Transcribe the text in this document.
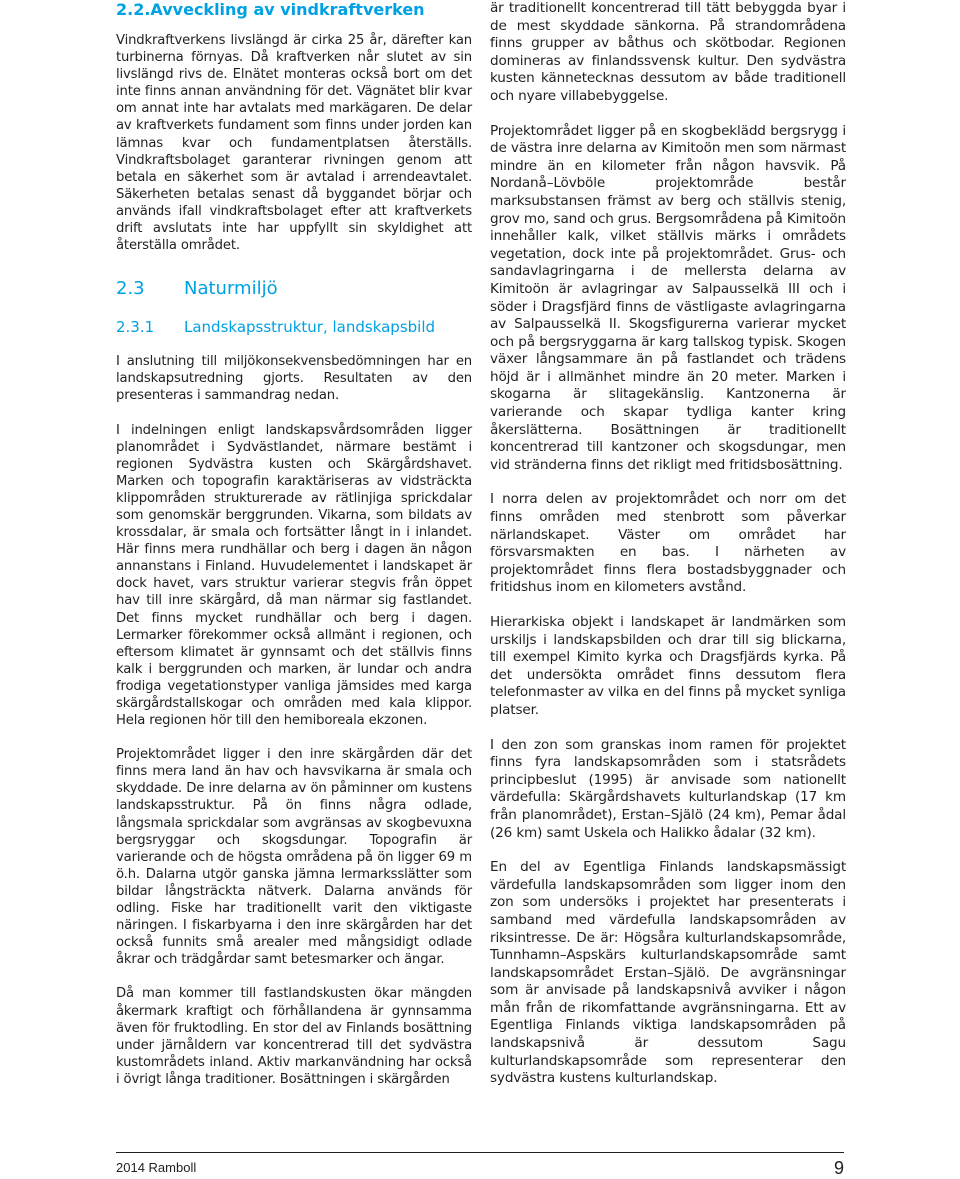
2.2.Avveckling av vindkraftverken

Vindkraftverkens livslängd är cirka 25 år, därefter kan turbinerna förnyas. Då kraftverken når slutet av sin livslängd rivs de. Elnätet monteras också bort om det inte finns annan användning för det. Vägnätet blir kvar om annat inte har avtalats med markägaren. De delar av kraftverkets fundament som finns under jorden kan lämnas kvar och fundamentplatsen återställs. Vindkraftsbolaget garanterar rivningen genom att betala en säkerhet som är avtalad i arrendeavtalet. Säkerheten betalas senast då byggandet börjar och används ifall vindkraftsbolaget efter att kraftverkets drift avslutats inte har uppfyllt sin skyldighet att återställa området.

2.3 Naturmiljö
2.3.1 Landskapsstruktur, landskapsbild

I anslutning till miljökonsekvensbedömningen har en landskapsutredning gjorts. Resultaten av den presenteras i sammandrag nedan.

I indelningen enligt landskapsvårdsområden ligger planområdet i Sydvästlandet, närmare bestämt i regionen Sydvästra kusten och Skärgårdshavet. Marken och topografin karaktäriseras av vidsträckta klippområden strukturerade av rätlinjiga sprickdalar som genomskär berggrunden. Vikarna, som bildats av krossdalar, är smala och fortsätter långt in i inlandet. Här finns mera rundhällar och berg i dagen än någon annanstans i Finland. Huvudelementet i landskapet är dock havet, vars struktur varierar stegvis från öppet hav till inre skärgård, då man närmar sig fastlandet. Det finns mycket rundhällar och berg i dagen. Lermarker förekommer också allmänt i regionen, och eftersom klimatet är gynnsamt och det ställvis finns kalk i berggrunden och marken, är lundar och andra frodiga vegetationstyper vanliga jämsides med karga skärgårdstallskogar och områden med kala klippor. Hela regionen hör till den hemiboreala ekzonen.

Projektområdet ligger i den inre skärgården där det finns mera land än hav och havsvikarna är smala och skyddade. De inre delarna av ön påminner om kustens landskapsstruktur. På ön finns några odlade, långsmala sprickdalar som avgränsas av skogbevuxna bergsryggar och skogsdungar. Topografin är varierande och de högsta områdena på ön ligger 69 m ö.h. Dalarna utgör ganska jämna lermarksslätter som bildar långsträckta nätverk. Dalarna används för odling. Fiske har traditionellt varit den viktigaste näringen. I fiskarbyarna i den inre skärgården har det också funnits små arealer med mångsidigt odlade åkrar och trädgårdar samt betesmarker och ängar.

Då man kommer till fastlandskusten ökar mängden åkermark kraftigt och förhållandena är gynnsamma även för fruktodling. En stor del av Finlands bosättning under järnåldern var koncentrerad till det sydvästra kustområdets inland. Aktiv markanvändning har också i övrigt långa traditioner. Bosättningen i skärgården

är traditionellt koncentrerad till tätt bebyggda byar i de mest skyddade sänkorna. På strandområdena finns grupper av båthus och skötbodar. Regionen domineras av finlandssvensk kultur. Den sydvästra kusten kännetecknas dessutom av både traditionell och nyare villabebyggelse.

Projektområdet ligger på en skogbeklädd bergsrygg i de västra inre delarna av Kimitoön men som närmast mindre än en kilometer från någon havsvik. På Nordanå–Lövböle projektområde består marksubstansen främst av berg och ställvis stenig, grov mo, sand och grus. Bergsområdena på Kimitoön innehåller kalk, vilket ställvis märks i områdets vegetation, dock inte på projektområdet. Grus- och sandavlagringarna i de mellersta delarna av Kimitoön är avlagringar av Salpausselkä III och i söder i Dragsfjärd finns de västligaste avlagringarna av Salpausselkä II. Skogsfigurerna varierar mycket och på bergsryggarna är karg tallskog typisk. Skogen växer långsammare än på fastlandet och trädens höjd är i allmänhet mindre än 20 meter. Marken i skogarna är slitagekänslig. Kantzonerna är varierande och skapar tydliga kanter kring åkerslätterna. Bosättningen är traditionellt koncentrerad till kantzoner och skogsdungar, men vid stränderna finns det rikligt med fritidsbosättning.

I norra delen av projektområdet och norr om det finns områden med stenbrott som påverkar närlandskapet. Väster om området har försvarsmakten en bas. I närheten av projektområdet finns flera bostadsbyggnader och fritidshus inom en kilometers avstånd.

Hierarkiska objekt i landskapet är landmärken som urskiljs i landskapsbilden och drar till sig blickarna, till exempel Kimito kyrka och Dragsfjärds kyrka. På det undersökta området finns dessutom flera telefonmaster av vilka en del finns på mycket synliga platser.

I den zon som granskas inom ramen för projektet finns fyra landskapsområden som i statsrådets principbeslut (1995) är anvisade som nationellt värdefulla: Skärgårdshavets kulturlandskap (17 km från planområdet), Erstan–Själö (24 km), Pemar ådal (26 km) samt Uskela och Halikko ådalar (32 km).

En del av Egentliga Finlands landskapsmässigt värdefulla landskapsområden som ligger inom den zon som undersöks i projektet har presenterats i samband med värdefulla landskapsområden av riksintresse. De är: Högsåra kulturlandskapsområde, Tunnhamn–Aspskärs kulturlandskapsområde samt landskapsområdet Erstan–Själö. De avgränsningar som är anvisade på landskapsnivå avviker i någon mån från de rikomfattande avgränsningarna. Ett av Egentliga Finlands viktiga landskapsområden på landskapsnivå är dessutom Sagu kulturlandskapsområde som representerar den sydvästra kustens kulturlandskap.

2014 Ramboll	9
